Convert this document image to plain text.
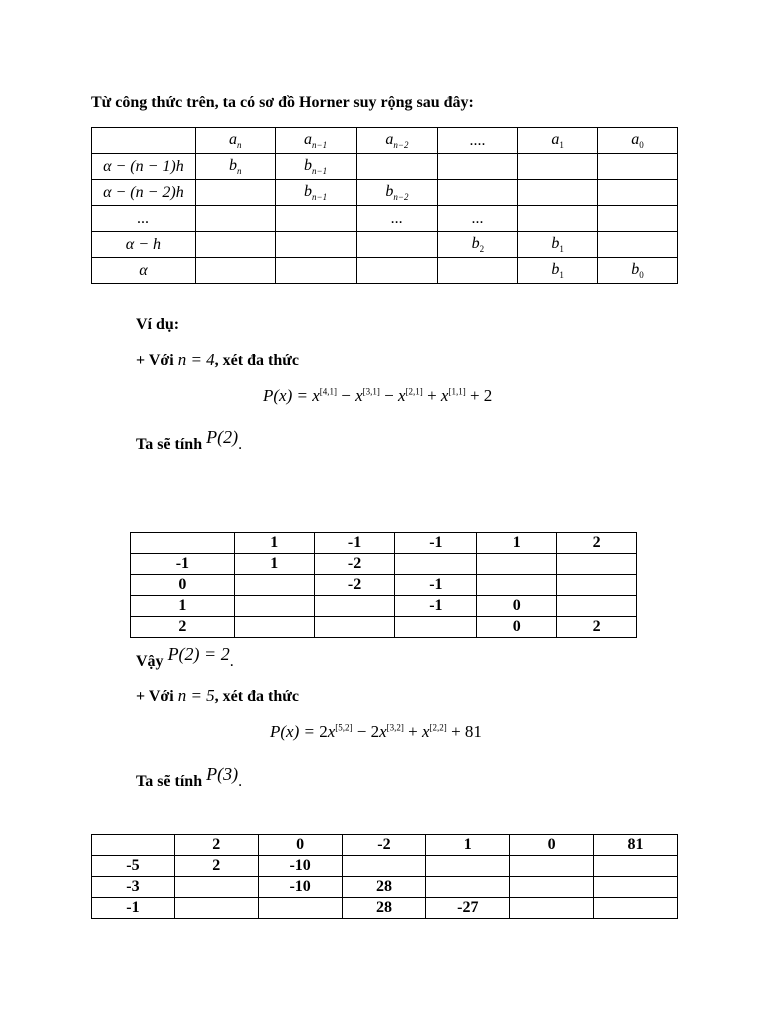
Từ công thức trên, ta có sơ đồ Horner suy rộng sau đây:
	$a_n$	$a_{n-1}$	$a_{n-2}$	....	$a_1$	$a_0$
α − (n − 1)h	$b_n$	$b_{n-1}$				
α − (n − 2)h		$b_{n-1}$	$b_{n-2}$			
...			...	...		
α − h				$b_2$	$b_1$	
α					$b_1$	$b_0$
Ví dụ:
+ Với n = 4, xét đa thức
P(x) = x[4,1] − x[3,1] − x[2,1] + x[1,1] + 2
Ta sẽ tính P(2).
	1	-1	-1	1	2
-1	1	-2			
0		-2	-1		
1			-1	0	
2				0	2
Vậy P(2) = 2.
+ Với n = 5, xét đa thức
P(x) = 2x[5,2] − 2x[3,2] + x[2,2] + 81
Ta sẽ tính P(3).
	2	0	-2	1	0	81
-5	2	-10				
-3		-10	28			
-1			28	-27		
